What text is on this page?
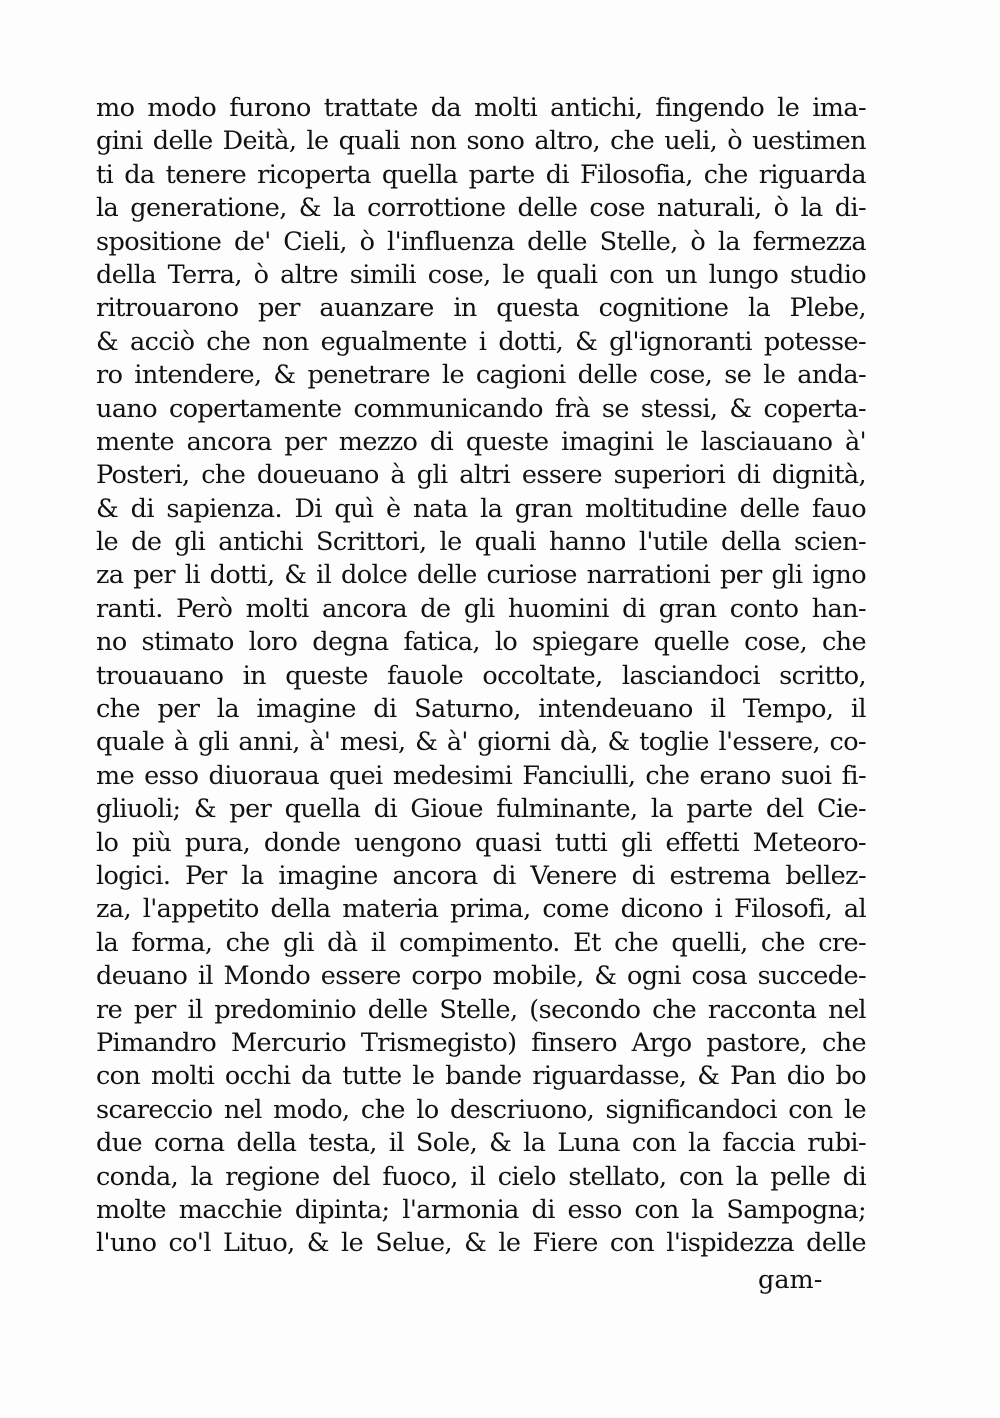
mo modo furono trattate da molti antichi, fingendo le ima-
gini delle Deità, le quali non sono altro, che ueli, ò uestimen
ti da tenere ricoperta quella parte di Filosofia, che riguarda
la generatione, & la corrottione delle cose naturali, ò la di-
spositione de' Cieli, ò l'influenza delle Stelle, ò la fermezza
della Terra, ò altre simili cose, le quali con un lungo studio
ritrouarono per auanzare in questa cognitione la Plebe,
& acciò che non egualmente i dotti, & gl'ignoranti potesse-
ro intendere, & penetrare le cagioni delle cose, se le anda-
uano copertamente communicando frà se stessi, & coperta-
mente ancora per mezzo di queste imagini le lasciauano à'
Posteri, che doueuano à gli altri essere superiori di dignità,
& di sapienza. Di quì è nata la gran moltitudine delle fauo
le de gli antichi Scrittori, le quali hanno l'utile della scien-
za per li dotti, & il dolce delle curiose narrationi per gli igno
ranti. Però molti ancora de gli huomini di gran conto han-
no stimato loro degna fatica, lo spiegare quelle cose, che
trouauano in queste fauole occoltate, lasciandoci scritto,
che per la imagine di Saturno, intendeuano il Tempo, il
quale à gli anni, à' mesi, & à' giorni dà, & toglie l'essere, co-
me esso diuoraua quei medesimi Fanciulli, che erano suoi fi-
gliuoli; & per quella di Gioue fulminante, la parte del Cie-
lo più pura, donde uengono quasi tutti gli effetti Meteoro-
logici. Per la imagine ancora di Venere di estrema bellez-
za, l'appetito della materia prima, come dicono i Filosofi, al
la forma, che gli dà il compimento. Et che quelli, che cre-
deuano il Mondo essere corpo mobile, & ogni cosa succede-
re per il predominio delle Stelle, (secondo che racconta nel
Pimandro Mercurio Trismegisto) finsero Argo pastore, che
con molti occhi da tutte le bande riguardasse, & Pan dio bo
scareccio nel modo, che lo descriuono, significandoci con le
due corna della testa, il Sole, & la Luna con la faccia rubi-
conda, la regione del fuoco, il cielo stellato, con la pelle di
molte macchie dipinta; l'armonia di esso con la Sampogna;
l'uno co'l Lituo, & le Selue, & le Fiere con l'ispidezza delle
gam-
